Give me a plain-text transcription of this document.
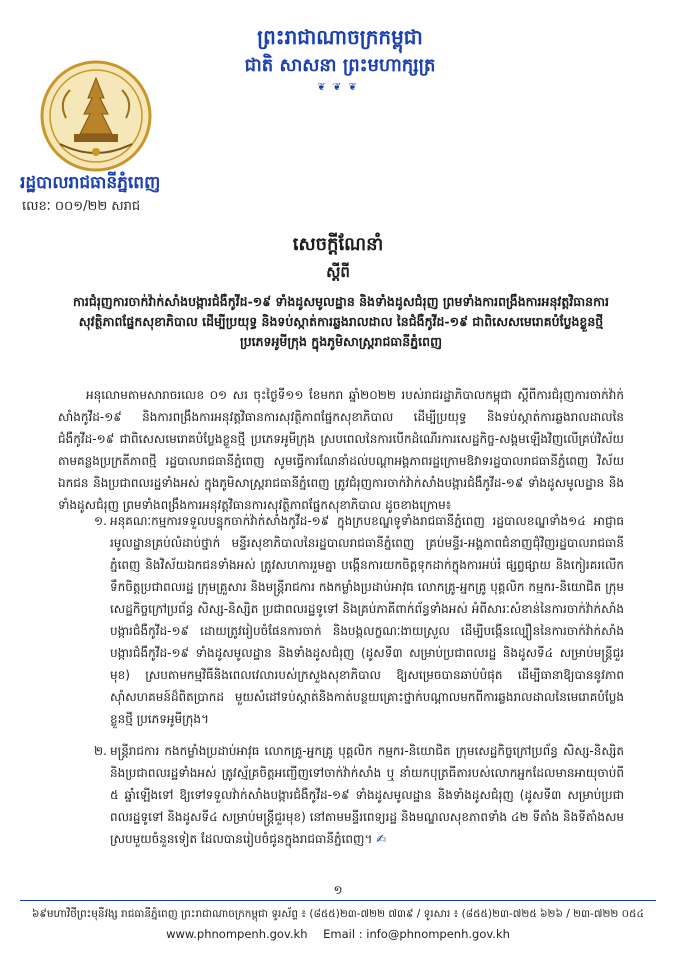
ព្រះរាជាណាចក្រកម្ពុជា
ជាតិ សាសនា ព្រះមហាក្សត្រ
❦ ❦ ❦
រដ្ឋបាលរាជធានីភ្នំពេញ
លេខៈ ០០១/២២ សរាជ
សេចក្ដីណែនាំ
ស្ដីពី
ការជំរុញការចាក់វ៉ាក់សាំងបង្ការជំងឺកូវីដ-១៩ ទាំងដូសមូលដ្ឋាន និងទាំងដូសជំរុញ ព្រមទាំងការពង្រឹងការអនុវត្តវិធានការសុវត្ថិភាពផ្នែកសុខាភិបាល ដើម្បីប្រយុទ្ធ និងទប់ស្កាត់ការឆ្លងរាលដាល នៃជំងឺកូវីដ-១៩ ជាពិសេសមេរោគបំប្លែងខ្លួនថ្មី ប្រភេទអូមីក្រុង ក្នុងភូមិសាស្ត្ររាជធានីភ្នំពេញ
អនុលោមតាមសារាចរលេខ ០១ សរ ចុះថ្ងៃទី១១ ខែមករា ឆ្នាំ២០២២ របស់រាជរដ្ឋាភិបាលកម្ពុជា ស្ដីពីការជំរុញការចាក់វ៉ាក់សាំងកូវីដ-១៩ និងការពង្រឹងការអនុវត្តវិធានការសុវត្ថិភាពផ្នែកសុខាភិបាល ដើម្បីប្រយុទ្ធ និងទប់ស្កាត់ការឆ្លងរាលដាលនៃជំងឺកូវីដ-១៩ ជាពិសេសមេរោគបំប្លែងខ្លួនថ្មី ប្រភេទអូមីក្រុង ស្របពេលនៃការបើកដំណើរការសេដ្ឋកិច្ច-សង្គមឡើងវិញលើគ្រប់វិស័យ តាមគន្លងប្រក្រតីភាពថ្មី រដ្ឋបាលរាជធានីភ្នំពេញ សូមធ្វើការណែនាំដល់បណ្ដាអង្គភាពរដ្ឋក្រោមឱវាទរដ្ឋបាលរាជធានីភ្នំពេញ វិស័យឯកជន និងប្រជាពលរដ្ឋទាំងអស់ ក្នុងភូមិសាស្ត្ររាជធានីភ្នំពេញ ត្រូវជំរុញការចាក់វ៉ាក់សាំងបង្ការជំងឺកូវីដ-១៩ ទាំងដូសមូលដ្ឋាន និងទាំងដូសជំរុញ ព្រមទាំងពង្រឹងការអនុវត្តវិធានការសុវត្ថិភាពផ្នែកសុខាភិបាល ដូចខាងក្រោម៖
១. អនុគណៈកម្មការទទួលបន្ទុកចាក់វ៉ាក់សាំងកូវីដ-១៩ ក្នុងក្របខណ្ឌទូទាំងរាជធានីភ្នំពេញ រដ្ឋបាលខណ្ឌទាំង១៤ អាជ្ញាធរមូលដ្ឋានគ្រប់លំដាប់ថ្នាក់ មន្ទីរសុខាភិបាលនៃរដ្ឋបាលរាជធានីភ្នំពេញ គ្រប់មន្ទីរ-អង្គភាពជំនាញជុំវិញរដ្ឋបាលរាជធានីភ្នំពេញ និងវិស័យឯកជនទាំងអស់ ត្រូវសហការរួមគ្នា បង្កើនការយកចិត្តទុកដាក់ក្នុងការអប់រំ ផ្សព្វផ្សាយ និងកៀរគរលើកទឹកចិត្តប្រជាពលរដ្ឋ ក្រុមគ្រួសារ និងមន្ត្រីរាជការ កងកម្លាំងប្រដាប់អាវុធ លោកគ្រូ-អ្នកគ្រូ បុគ្គលិក កម្មករ-និយោជិត ក្រុមសេដ្ឋកិច្ចក្រៅប្រព័ន្ធ សិស្ស-និស្សិត ប្រជាពលរដ្ឋទូទៅ និងគ្រប់ភាគីពាក់ព័ន្ធទាំងអស់ អំពីសារៈសំខាន់នៃការចាក់វ៉ាក់សាំងបង្ការជំងឺកូវីដ-១៩ ដោយត្រូវរៀបចំផែនការចាក់ និងបង្កលក្ខណៈងាយស្រួល ដើម្បីបង្កើនល្បឿននៃការចាក់វ៉ាក់សាំងបង្ការជំងឺកូវីដ-១៩ ទាំងដូសមូលដ្ឋាន និងទាំងដូសជំរុញ (ដូសទី៣ សម្រាប់ប្រជាពលរដ្ឋ និងដូសទី៤ សម្រាប់មន្ត្រីជួរមុខ) ស្របតាមកម្មវិធីនិងពេលវេលារបស់ក្រសួងសុខាភិបាល ឱ្យសម្រេចបានឆាប់បំផុត ដើម្បីធានាឱ្យបាននូវភាពស៊ាំសហគមន៍ដ៏ពិតប្រាកដ មួយសំដៅទប់ស្កាត់និងកាត់បន្ថយគ្រោះថ្នាក់បណ្ដាលមកពីការឆ្លងរាលដាលនៃមេរោគបំប្លែងខ្លួនថ្មី ប្រភេទអូមីក្រុង។
២. មន្ត្រីរាជការ កងកម្លាំងប្រដាប់អាវុធ លោកគ្រូ-អ្នកគ្រូ បុគ្គលិក កម្មករ-និយោជិត ក្រុមសេដ្ឋកិច្ចក្រៅប្រព័ន្ធ សិស្ស-និស្សិត និងប្រជាពលរដ្ឋទាំងអស់ ត្រូវស្ម័គ្រចិត្តអញ្ជើញទៅចាក់វ៉ាក់សាំង ឬ នាំយកបុត្រធីតារបស់លោកអ្នកដែលមានអាយុចាប់ពី ៥ ឆ្នាំឡើងទៅ ឱ្យទៅទទួលវ៉ាក់សាំងបង្ការជំងឺកូវីដ-១៩ ទាំងដូសមូលដ្ឋាន និងទាំងដូសជំរុញ (ដូសទី៣ សម្រាប់ប្រជាពលរដ្ឋទូទៅ និងដូសទី៤ សម្រាប់មន្ត្រីជួរមុខ) នៅតាមមន្ទីរពេទ្យរដ្ឋ និងមណ្ឌលសុខភាពទាំង ៤២ ទីតាំង និងទីតាំងសមស្របមួយចំនួនទៀត ដែលបានរៀបចំជូនក្នុងរាជធានីភ្នំពេញ។ ✍
១
៦៩មហាវិថីព្រះមុនីវង្ស រាជធានីភ្នំពេញ ព្រះរាជាណាចក្រកម្ពុជា ទូរស័ព្ទ ៖ (៨៥៥)២៣-៧២២ ៧៣៩ / ទូរសារ ៖ (៨៥៥)២៣-៧២៥ ៦២៦ / ២៣-៧២២ ០៥៤
www.phnompenh.gov.kh Email : info@phnompenh.gov.kh
